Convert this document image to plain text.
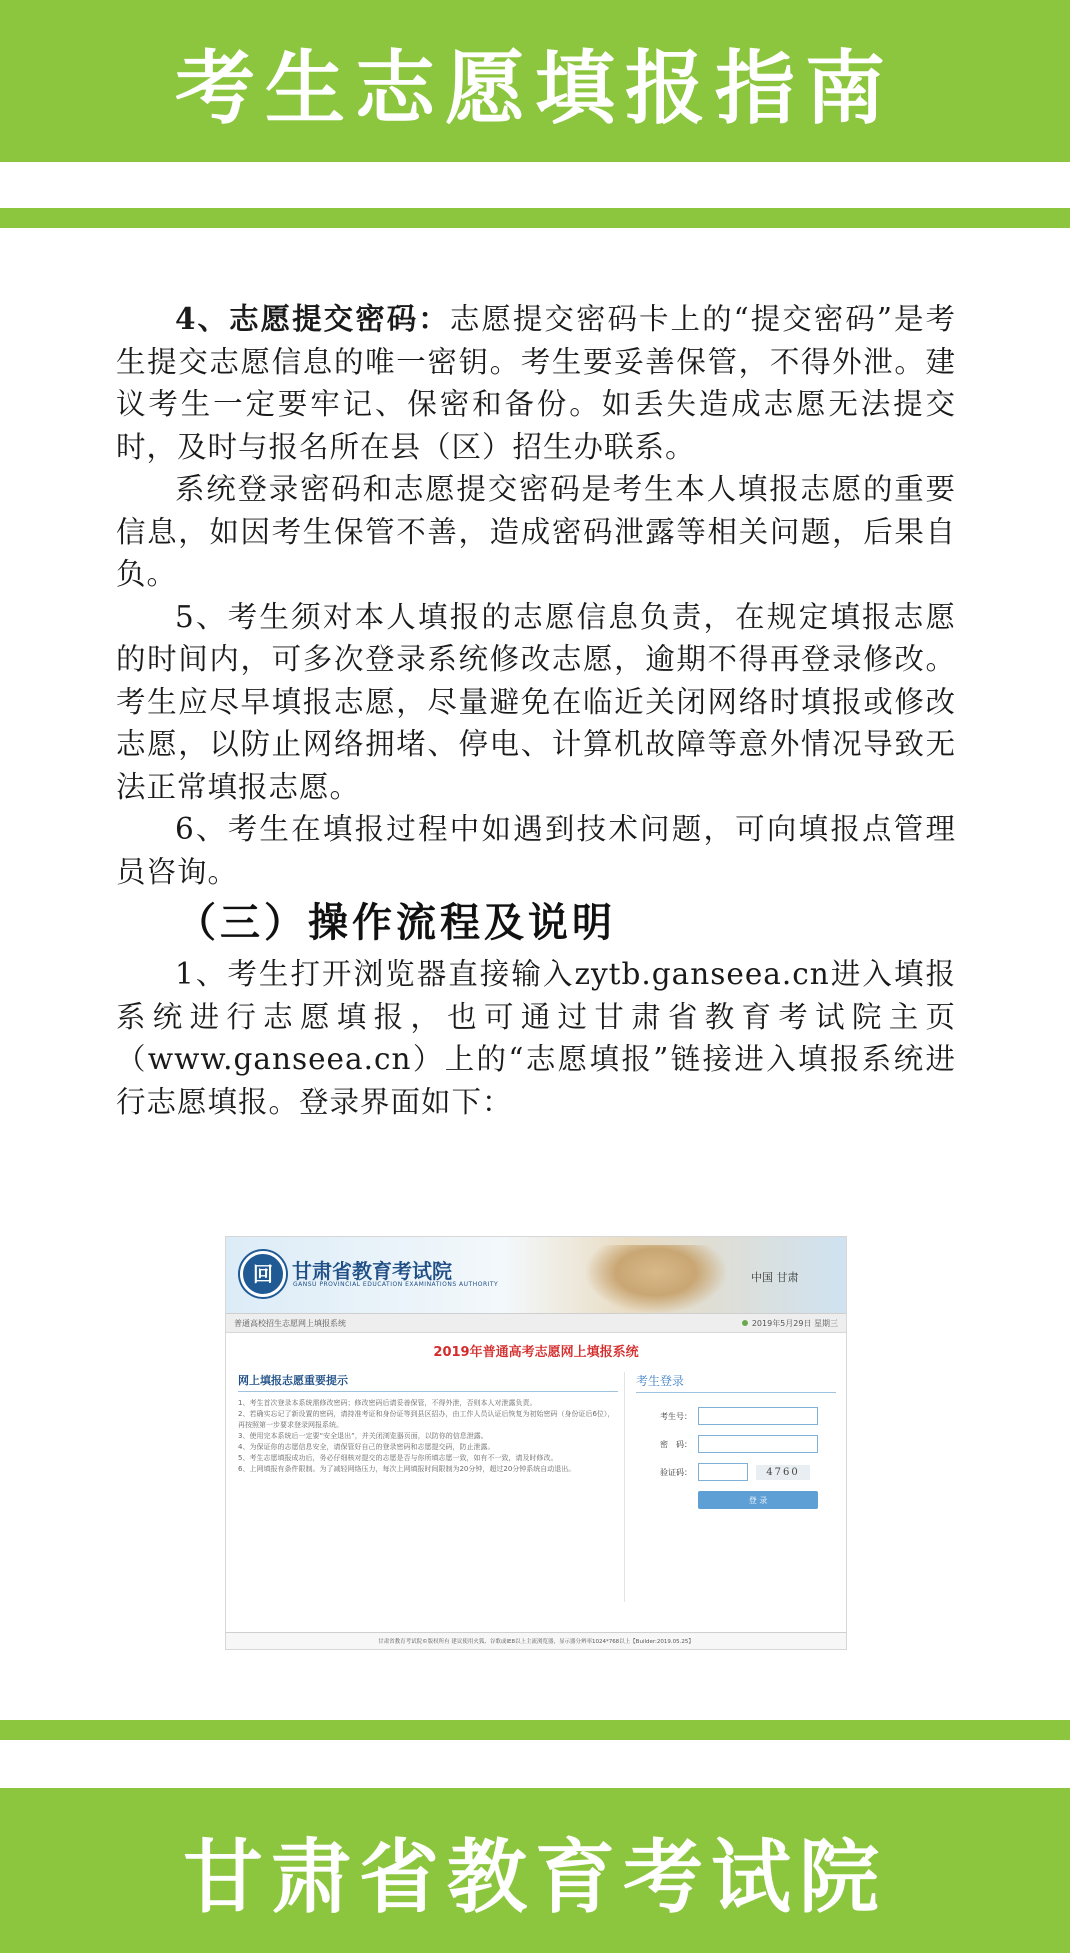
考生志愿填报指南

4、志愿提交密码：志愿提交密码卡上的“提交密码”是考生提交志愿信息的唯一密钥。考生要妥善保管，不得外泄。建议考生一定要牢记、保密和备份。如丢失造成志愿无法提交时，及时与报名所在县（区）招生办联系。

系统登录密码和志愿提交密码是考生本人填报志愿的重要信息，如因考生保管不善，造成密码泄露等相关问题，后果自负。

5、考生须对本人填报的志愿信息负责，在规定填报志愿的时间内，可多次登录系统修改志愿，逾期不得再登录修改。考生应尽早填报志愿，尽量避免在临近关闭网络时填报或修改志愿，以防止网络拥堵、停电、计算机故障等意外情况导致无法正常填报志愿。

6、考生在填报过程中如遇到技术问题，可向填报点管理员咨询。

（三）操作流程及说明

1、考生打开浏览器直接输入zytb.ganseea.cn进入填报系统进行志愿填报，也可通过甘肃省教育考试院主页（www.ganseea.cn）上的“志愿填报”链接进入填报系统进行志愿填报。登录界面如下：

回 甘肃省教育考试院
GANSU PROVINCIAL EDUCATION EXAMINATIONS AUTHORITY
中国 甘肃
普通高校招生志愿网上填报系统	2019年5月29日 星期三
2019年普通高考志愿网上填报系统
网上填报志愿重要提示

1、考生首次登录本系统需修改密码；修改密码后请妥善保管，不得外泄，否则本人对泄露负责。

2、若确实忘记了新设置的密码，请持准考证和身份证等到县区招办，由工作人员认证后恢复为初始密码（身份证后6位），再按照第一步要求登录网报系统。

3、使用完本系统后一定要“安全退出”，并关闭浏览器页面，以防你的信息泄露。

4、为保证你的志愿信息安全，请保管好自己的登录密码和志愿提交码，防止泄露。

5、考生志愿填报成功后，务必仔细核对提交的志愿是否与你所填志愿一致，如有不一致，请及时修改。

6、上网填报有条件限制。为了减轻网络压力，每次上网填报时间限制为20分钟，超过20分钟系统自动退出。

考生登录
考生号：
密　码：
验证码：	4760
登 录
甘肃省教育考试院©版权所有 建议使用火狐、谷歌或IE8以上主流浏览器，显示器分辨率1024*768以上【Builder:2019.05.25】
甘肃省教育考试院
